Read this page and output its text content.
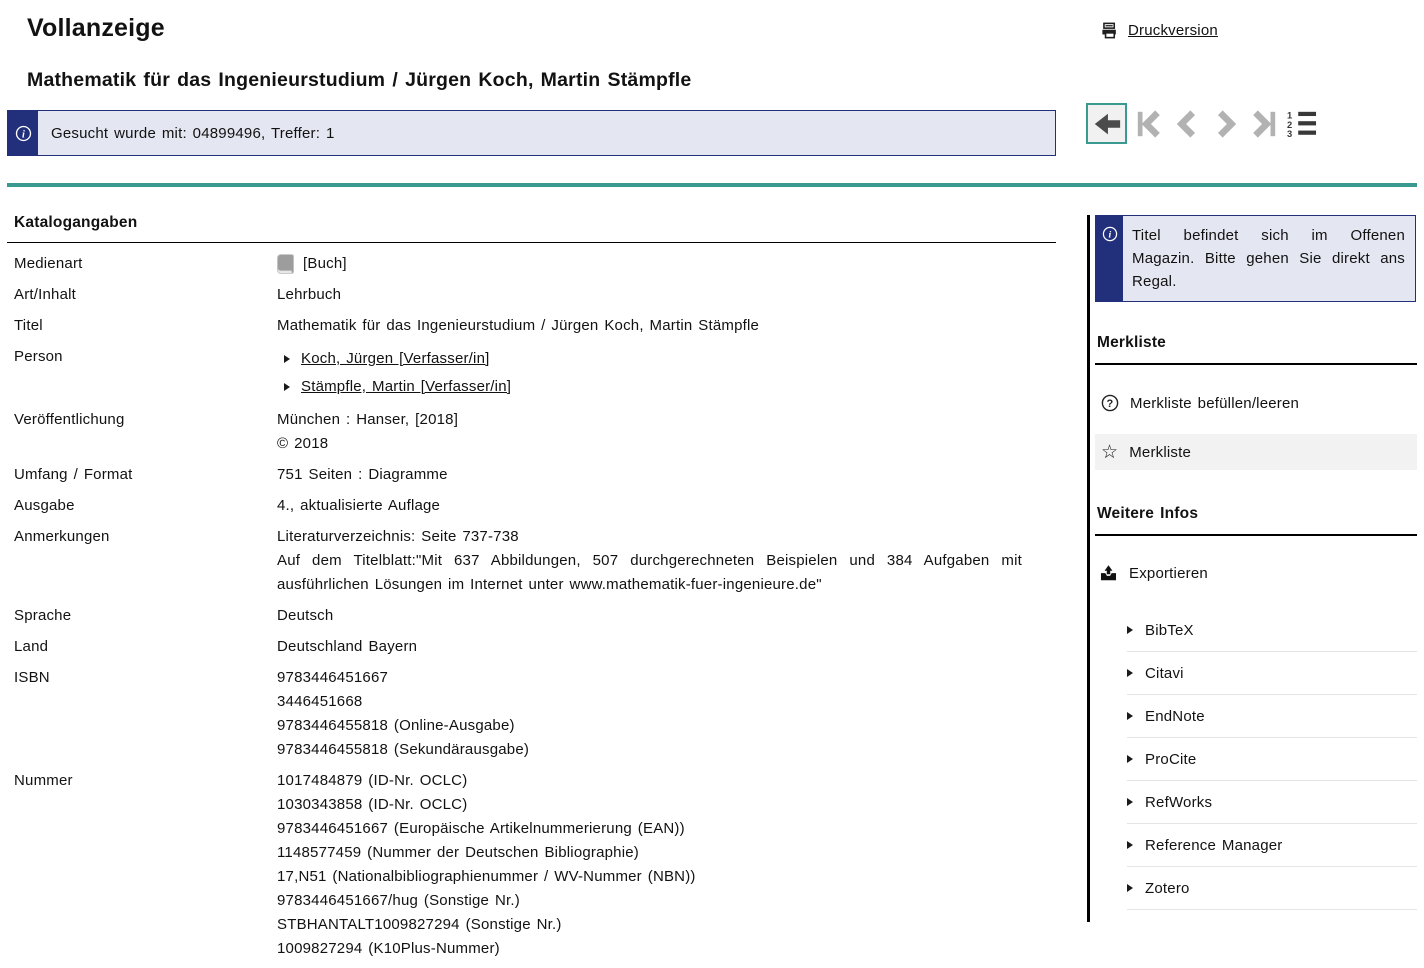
Vollanzeige	Druckversion
Mathematik für das Ingenieurstudium / Jürgen Koch, Martin Stämpfle
i	Gesucht wurde mit: 04899496, Treffer: 1
1
2
3
Katalogangaben
Medienart	[Buch]
Art/Inhalt	Lehrbuch
Titel	Mathematik für das Ingenieurstudium / Jürgen Koch, Martin Stämpfle
Person	Koch, Jürgen [Verfasser/in]
Stämpfle, Martin [Verfasser/in]
Veröffentlichung	München : Hanser, [2018]
© 2018
Umfang / Format	751 Seiten : Diagramme
Ausgabe	4., aktualisierte Auflage
Anmerkungen	Literaturverzeichnis: Seite 737-738
Auf dem Titelblatt:"Mit 637 Abbildungen, 507 durchgerechneten Beispielen und 384 Aufgaben mit ausführlichen Lösungen im Internet unter www.mathematik-fuer-ingenieure.de"
Sprache	Deutsch
Land	Deutschland Bayern
ISBN	9783446451667
3446451668
9783446455818 (Online-Ausgabe)
9783446455818 (Sekundärausgabe)
Nummer	1017484879 (ID-Nr. OCLC)
1030343858 (ID-Nr. OCLC)
9783446451667 (Europäische Artikelnummerierung (EAN))
1148577459 (Nummer der Deutschen Bibliographie)
17,N51 (Nationalbibliographienummer / WV-Nummer (NBN))
9783446451667/hug (Sonstige Nr.)
STBHANTALT1009827294 (Sonstige Nr.)
1009827294 (K10Plus-Nummer)
i	Titel befindet sich im Offenen Magazin. Bitte gehen Sie direkt ans Regal.
Merkliste
? Merkliste befüllen/leeren
☆ Merkliste
Weitere Infos
Exportieren
BibTeX
Citavi
EndNote
ProCite
RefWorks
Reference Manager
Zotero
